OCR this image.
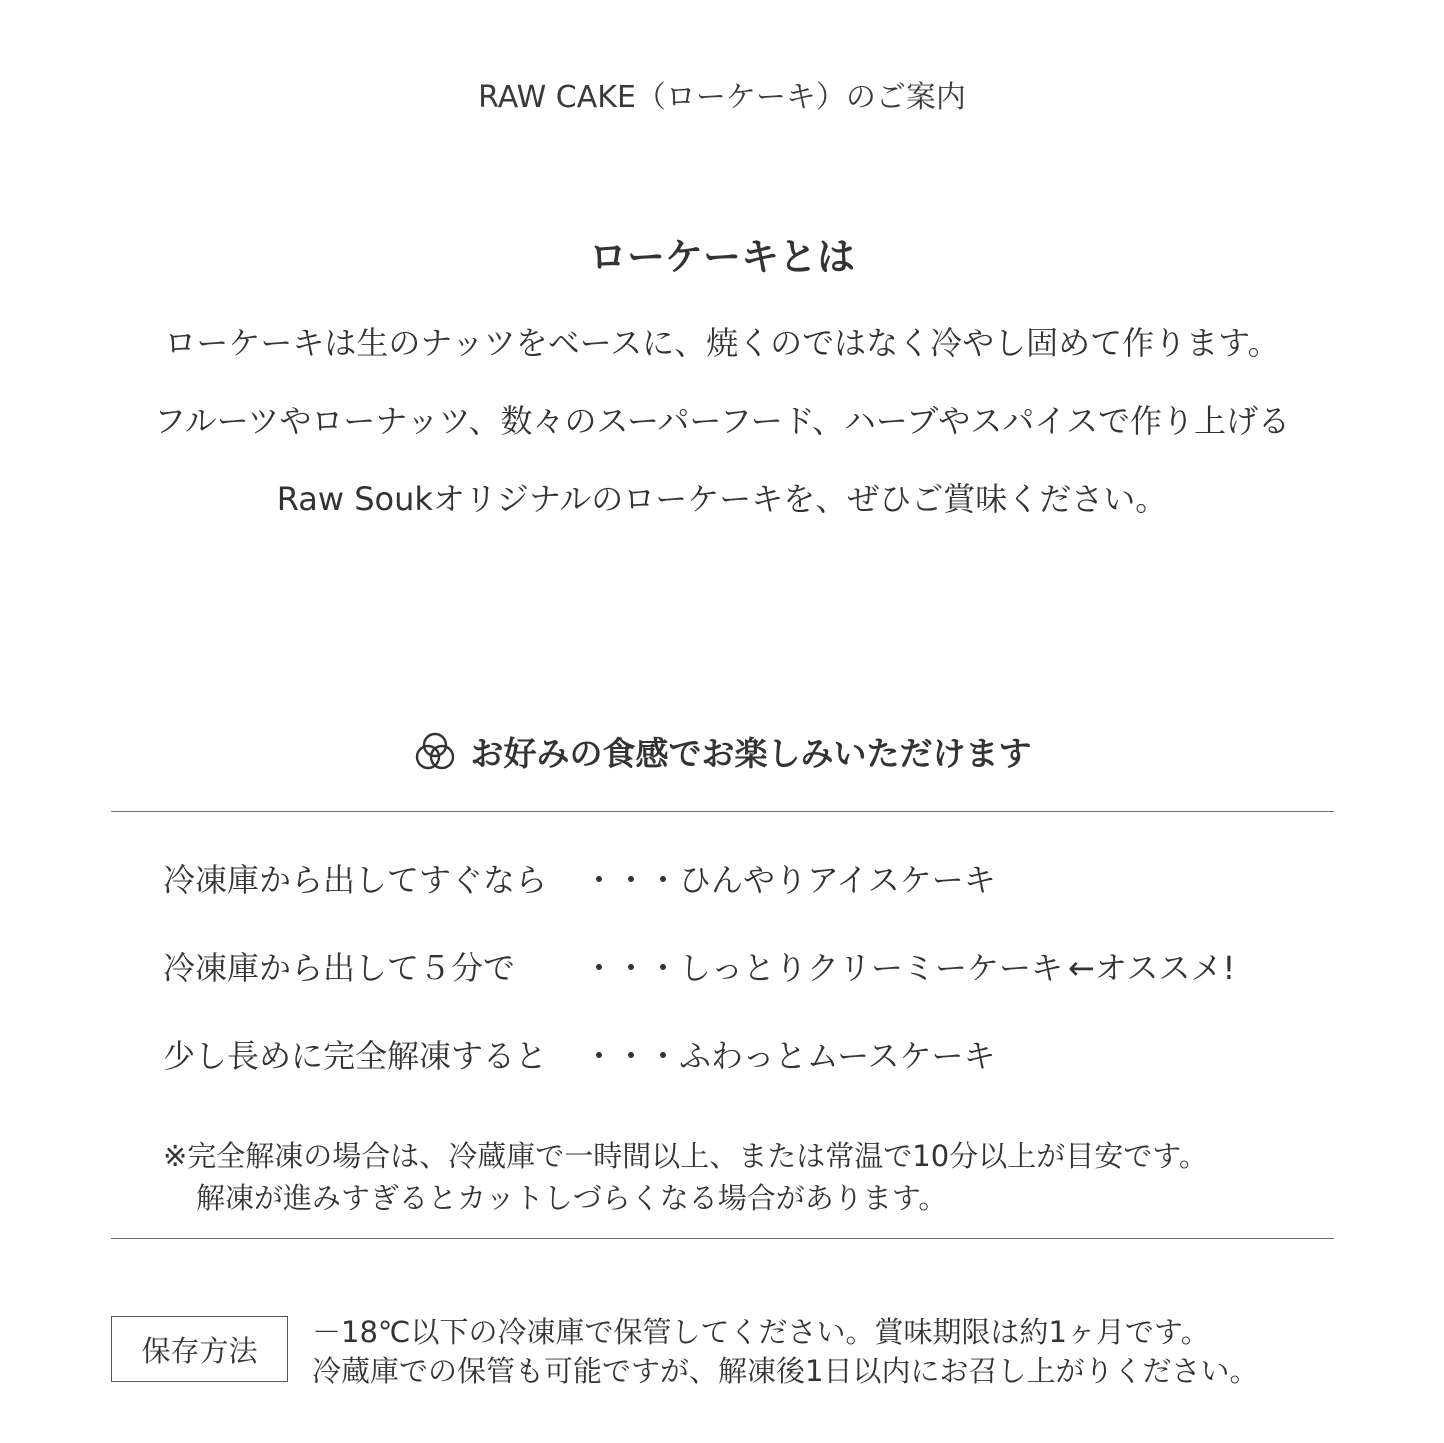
RAW CAKE（ローケーキ）のご案内
ローケーキとは
ローケーキは生のナッツをベースに、焼くのではなく冷やし固めて作ります。
フルーツやローナッツ、数々のスーパーフード、ハーブやスパイスで作り上げる
Raw Soukオリジナルのローケーキを、ぜひご賞味ください。
お好みの食感でお楽しみいただけます
冷凍庫から出してすぐなら ・・・ひんやりアイスケーキ
冷凍庫から出して５分で ・・・しっとりクリーミーケーキ ←オススメ!
少し長めに完全解凍すると ・・・ふわっとムースケーキ
※完全解凍の場合は、冷蔵庫で一時間以上、または常温で10分以上が目安です。
解凍が進みすぎるとカットしづらくなる場合があります。
保存方法
－18℃以下の冷凍庫で保管してください。賞味期限は約1ヶ月です。
冷蔵庫での保管も可能ですが、解凍後1日以内にお召し上がりください。
